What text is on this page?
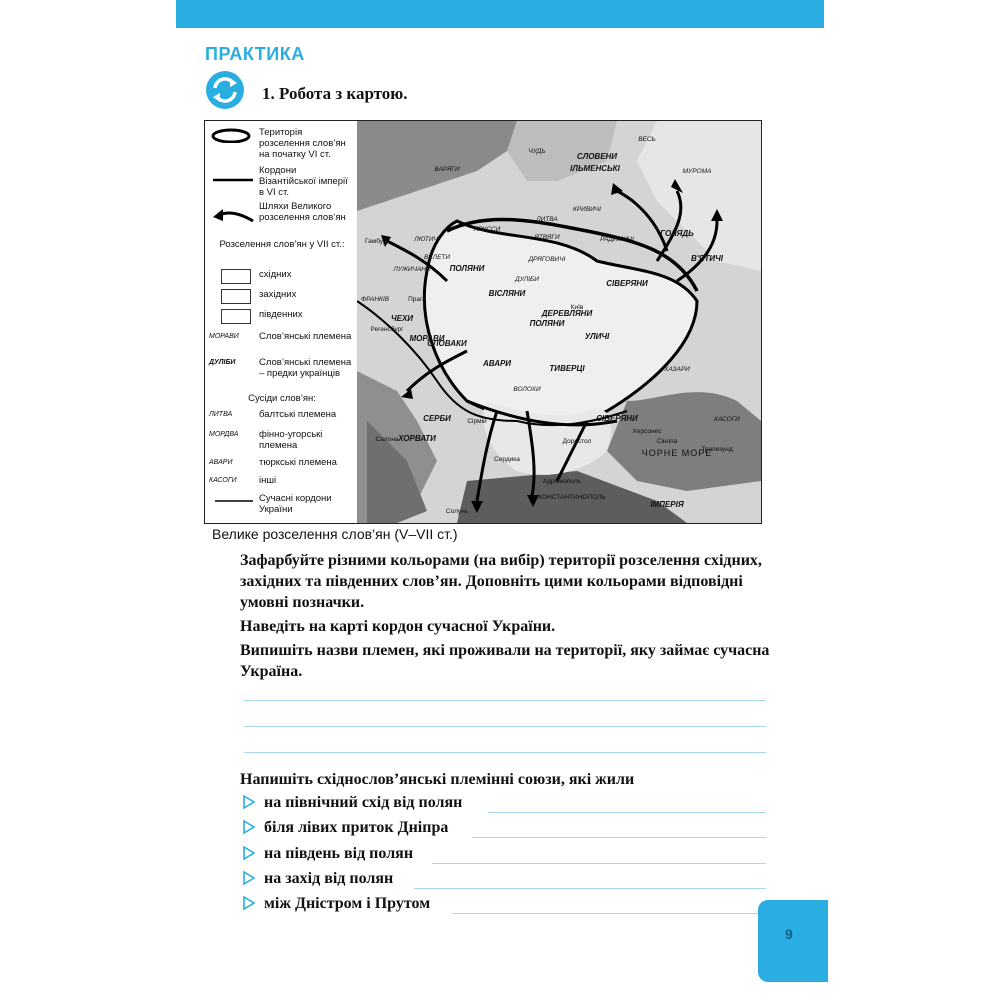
ПРАКТИКА
1. Робота з картою.
Територія розселення слов’ян на початку VI ст.
Кордони Візантійської імперії в VI ст.
Шляхи Великого розселення слов’ян
Розселення слов’ян у VII ст.:
східних
західних
південних
МОРАВИ	Слов’янські племена
ДУЛІБИ	Слов’янські племена – предки українців
Сусіди слов’ян:
ЛИТВА	балтські племена
МОРДВА	фінно-угорські племена
АВАРИ	тюркські племена
КАСОГИ	інші
Сучасні кордони України
СЛОВЕНИ
ІЛЬМЕНСЬКІ	МУРОМА
ВЕСЬ
ЧУДЬ
ВАРЯГИ
ЛИТВА
ЯТВЯГИ
ПРУССИ
ПОЛЯНИ
ВІСЛЯНИ
ДЕРЕВЛЯНИ
СІВЕРЯНИ
ГОЛЯДЬ
В'ЯТИЧІ
УЛИЧІ
ТИВЕРЦІ
АВАРИ
ЧЕХИ
МОРАВИ
СЛОВАКИ
СЕРБИ
ХОРВАТИ
СІВЕРЯНИ
ВОЛОХИ
ХАЗАРИ
ПОЛЯНИ
ЧОРНЕ МОРЕ
Херсонес
Сінопа
Трапезунд
КАСОГИ
Доростол
Сердика
Адріанополь
КОНСТАНТИНОПОЛЬ
ІМПЕРІЯ
Прага
Регенсбург
Гамбург
Сірмій
Київ
Салона
Солунь
РАДИМИЧІ
КРИВИЧІ
ДУЛІБИ
ЛЮТИЧІ
ВЕЛЕТИ
ЛУЖИЧАНИ
ФРАНКІВ
ДРЯГОВИЧІ
Велике розселення слов’ян (V–VII ст.)
Зафарбуйте різними кольорами (на вибір) території розселення східних, західних та південних слов’ян. Доповніть цими кольорами відповідні умовні позначки.
Наведіть на карті кордон сучасної України.
Випишіть назви племен, які проживали на території, яку займає сучасна Україна.
Напишіть східнослов’янські племінні союзи, які жили
на північний схід від полян
біля лівих приток Дніпра
на південь від полян
на захід від полян
між Дністром і Прутом
9
